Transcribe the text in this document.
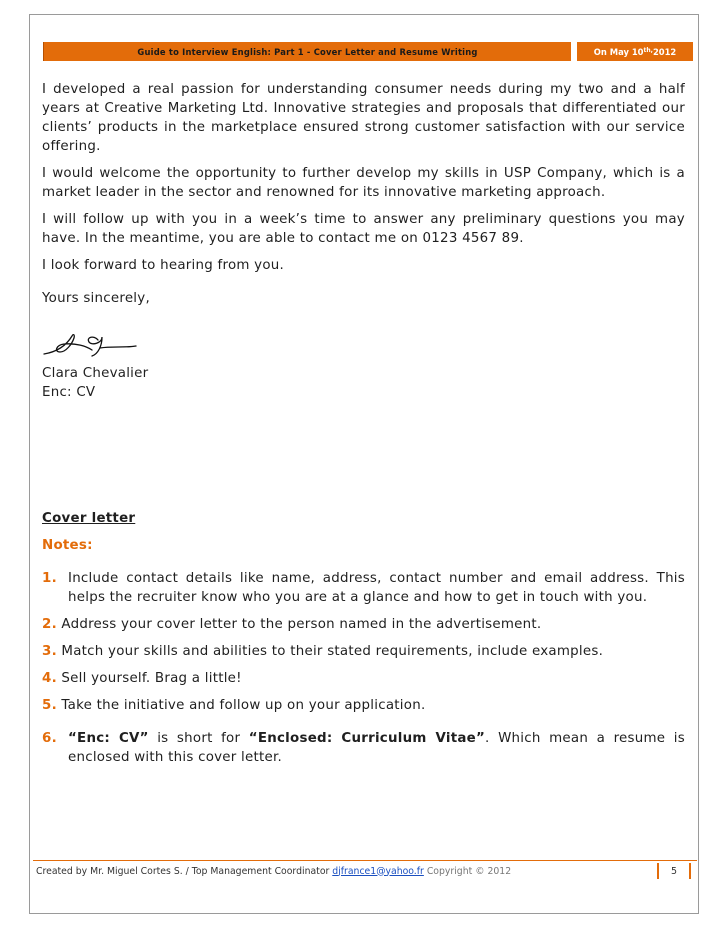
Guide to Interview English: Part 1 - Cover Letter and Resume Writing	On May $10^{th,}$ 2012

I developed a real passion for understanding consumer needs during my two and a half years at Creative Marketing Ltd. Innovative strategies and proposals that differentiated our clients’ products in the marketplace ensured strong customer satisfaction with our service offering.

I would welcome the opportunity to further develop my skills in USP Company, which is a market leader in the sector and renowned for its innovative marketing approach.

I will follow up with you in a week’s time to answer any preliminary questions you may have. In the meantime, you are able to contact me on 0123 4567 89.

I look forward to hearing from you.

Yours sincerely,

Clara Chevalier

Enc: CV

Cover letter

Notes:

1. Include contact details like name, address, contact number and email address. This helps the recruiter know who you are at a glance and how to get in touch with you.
2.
Address your cover letter to the person named in the advertisement.
3.
Match your skills and abilities to their stated requirements, include examples.
4.
Sell yourself. Brag a little!
5.
Take the initiative and follow up on your application.
6. “Enc: CV” is short for “Enclosed: Curriculum Vitae”. Which mean a resume is enclosed with this cover letter.
Created by Mr. Miguel Cortes S. / Top Management Coordinator djfrance1@yahoo.fr Copyright © 2012	5
